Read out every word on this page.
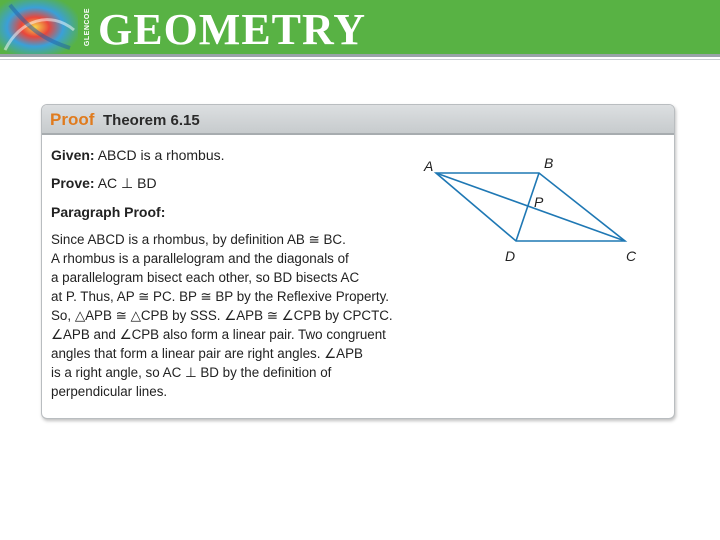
GLENCOE GEOMETRY
Proof Theorem 6.15
Given: ABCD is a rhombus.
Prove: AC ⊥ BD
Paragraph Proof:
Since ABCD is a rhombus, by definition AB ≅ BC.
A rhombus is a parallelogram and the diagonals of
a parallelogram bisect each other, so BD bisects AC
at P. Thus, AP ≅ PC. BP ≅ BP by the Reflexive Property.
So, △APB ≅ △CPB by SSS. ∠APB ≅ ∠CPB by CPCTC.
∠APB and ∠CPB also form a linear pair. Two congruent
angles that form a linear pair are right angles. ∠APB
is a right angle, so AC ⊥ BD by the definition of
perpendicular lines.
A	B
C
D
P
